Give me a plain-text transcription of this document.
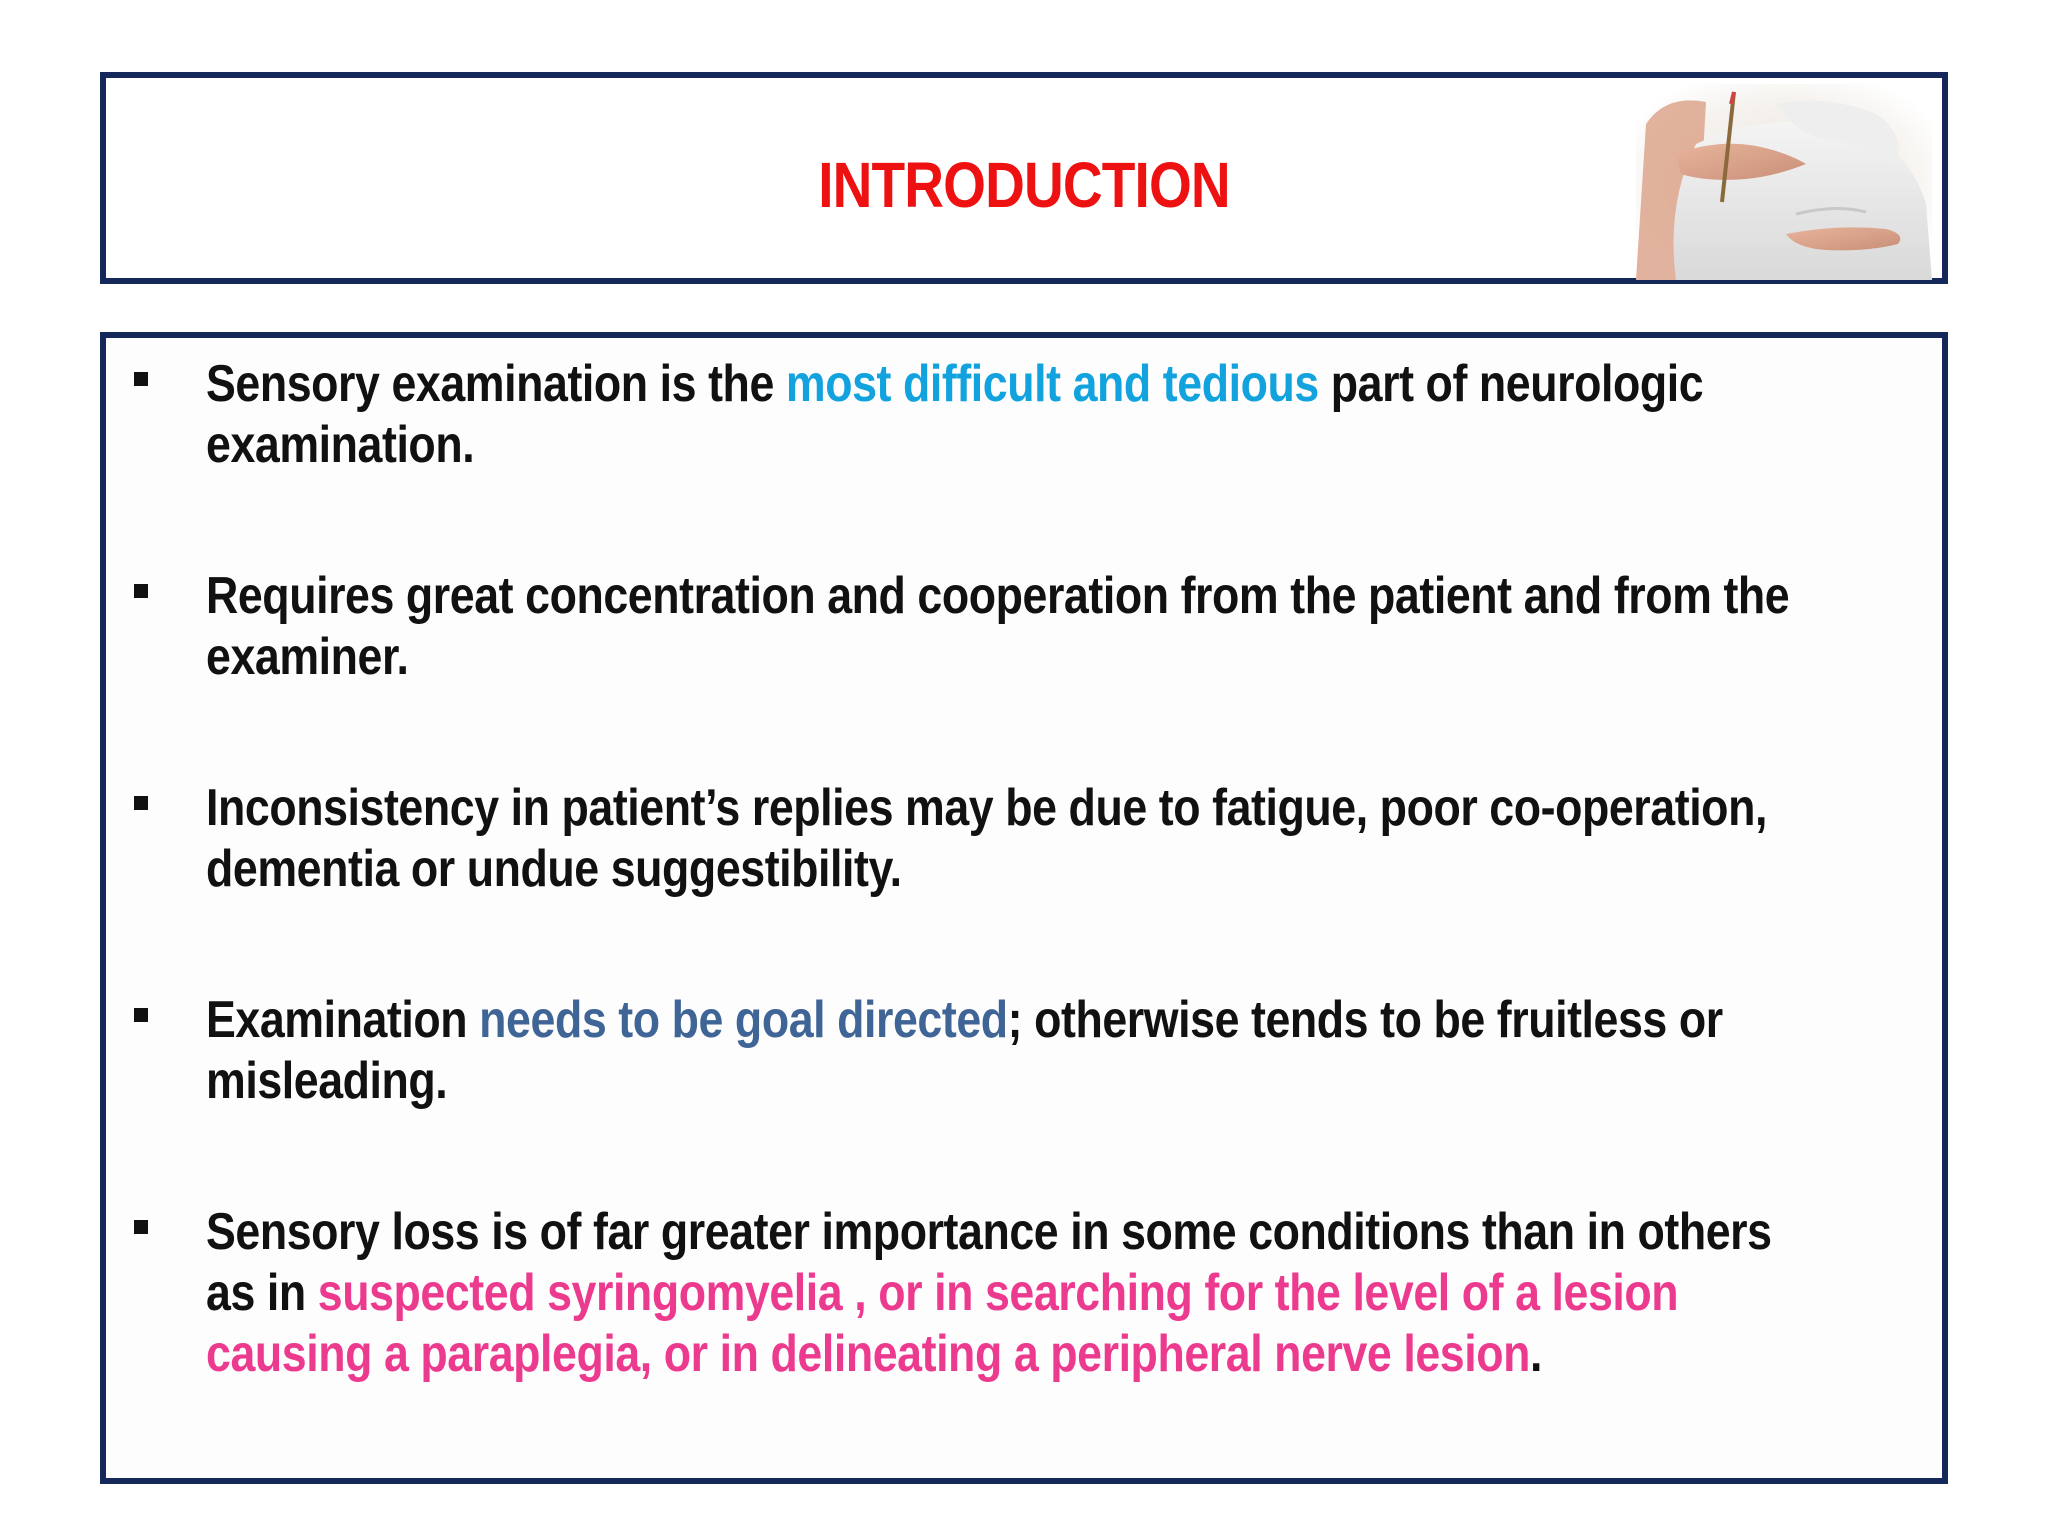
INTRODUCTION
Sensory examination is the most difficult and tedious part of neurologic
examination.
Requires great concentration and cooperation from the patient and from the
examiner.
Inconsistency in patient’s replies may be due to fatigue, poor co-operation,
dementia or undue suggestibility.
Examination needs to be goal directed; otherwise tends to be fruitless or
misleading.
Sensory loss is of far greater importance in some conditions than in others
as in suspected syringomyelia , or in searching for the level of a lesion
causing a paraplegia, or in delineating a peripheral nerve lesion.
